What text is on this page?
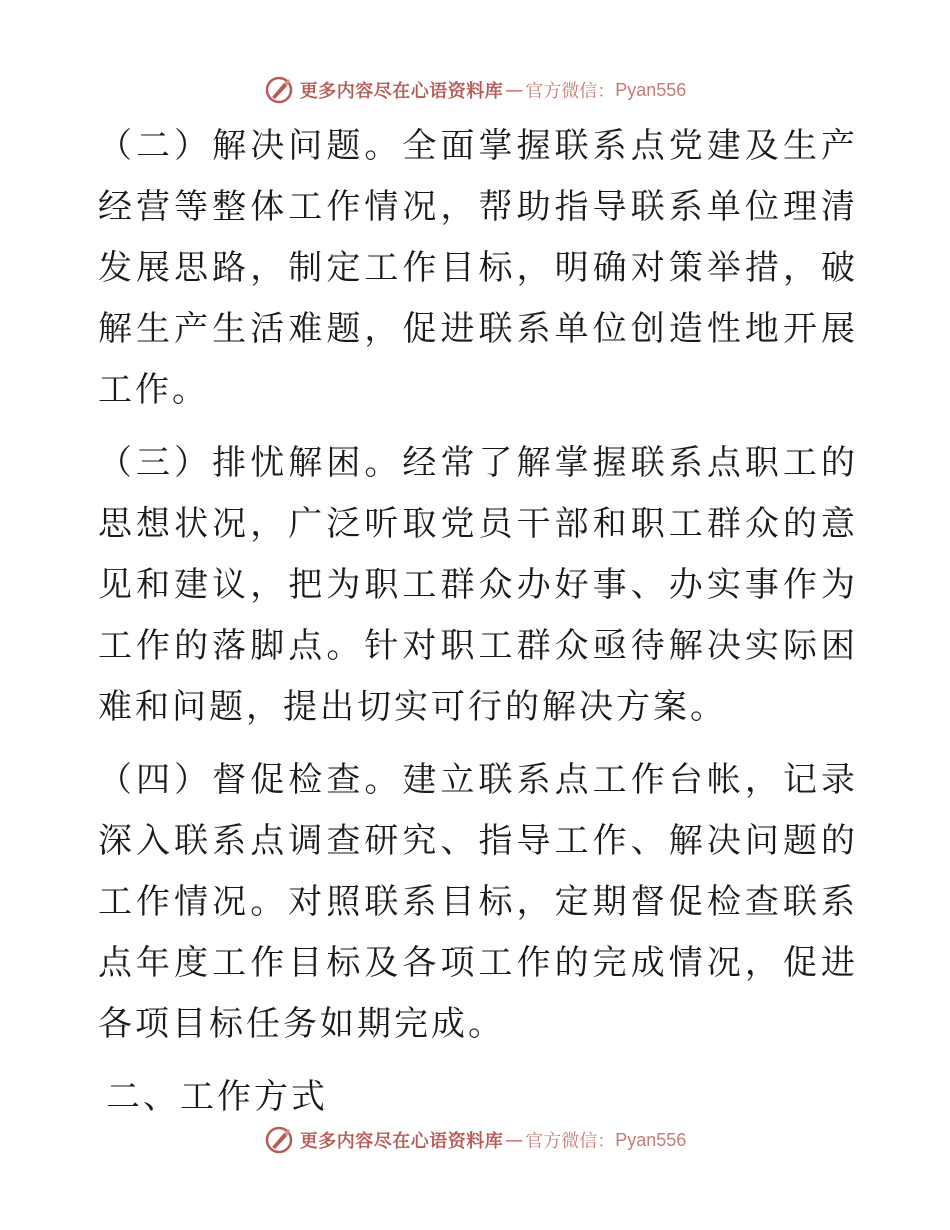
更多内容尽在心语资料库 — 官方微信： Pyan556

（二）解决问题。全面掌握联系点党建及生产经营等整体工作情况，帮助指导联系单位理清发展思路，制定工作目标，明确对策举措，破解生产生活难题，促进联系单位创造性地开展工作。

（三）排忧解困。经常了解掌握联系点职工的思想状况，广泛听取党员干部和职工群众的意见和建议，把为职工群众办好事、办实事作为工作的落脚点。针对职工群众亟待解决实际困难和问题，提出切实可行的解决方案。

（四）督促检查。建立联系点工作台帐，记录深入联系点调查研究、指导工作、解决问题的工作情况。对照联系目标，定期督促检查联系点年度工作目标及各项工作的完成情况，促进各项目标任务如期完成。

二、工作方式

更多内容尽在心语资料库 — 官方微信： Pyan556
